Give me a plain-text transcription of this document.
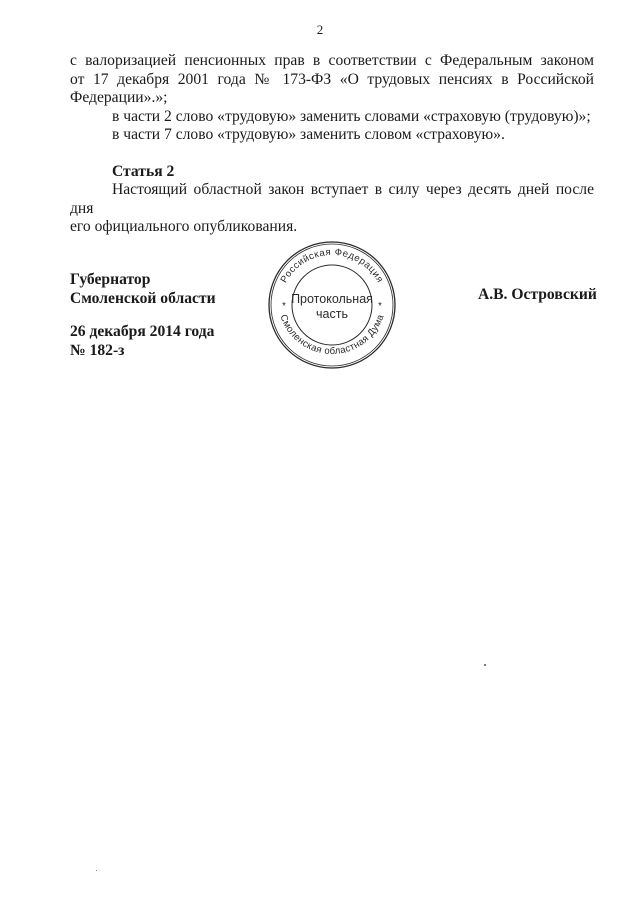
2

с валоризацией пенсионных прав в соответствии с Федеральным законом

от 17 декабря 2001 года № 173-ФЗ «О трудовых пенсиях в Российской

Федерации».»;

в части 2 слово «трудовую» заменить словами «страховую (трудовую)»;

в части 7 слово «трудовую» заменить словом «страховую».

Статья 2

Настоящий областной закон вступает в силу через десять дней после дня

его официального опубликования.

Губернатор
Смоленской области	А.В. Островский
26 декабря 2014 года
№ 182-з
Российская Федерация
Смоленская областная Дума
*	*
Протокольная
часть
